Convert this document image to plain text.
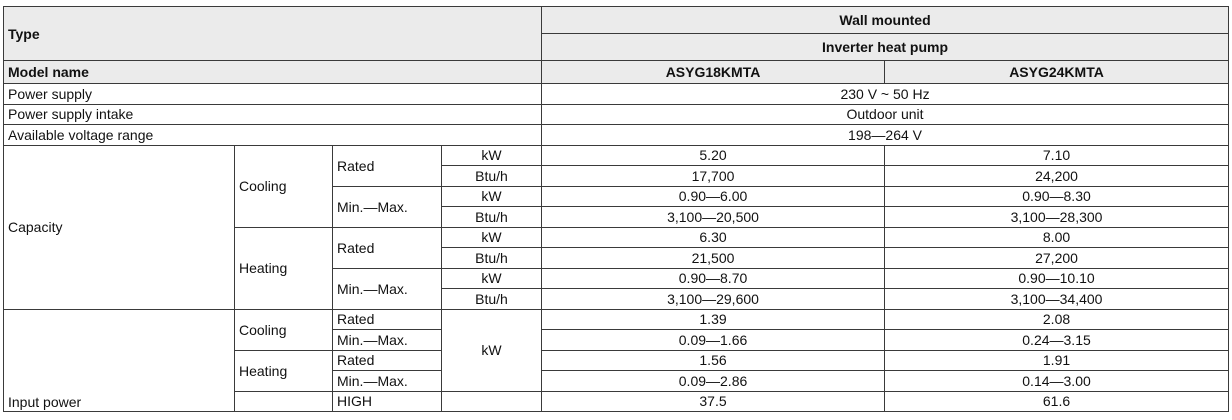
Type				Wall mounted	
				Inverter heat pump	
Model name				ASYG18KMTA	ASYG24KMTA
Power supply				230 V ~ 50 Hz	
Power supply intake				Outdoor unit	
Available voltage range				198—264 V	
Capacity	Cooling	Rated	kW	5.20	7.10
			Btu/h	17,700	24,200
		Min.—Max.	kW	0.90—6.00	0.90—8.30
			Btu/h	3,100—20,500	3,100—28,300
	Heating	Rated	kW	6.30	8.00
			Btu/h	21,500	27,200
		Min.—Max.	kW	0.90—8.70	0.90—10.10
			Btu/h	3,100—29,600	3,100—34,400
Input power	Cooling	Rated	kW	1.39	2.08
		Min.—Max.		0.09—1.66	0.24—3.15
	Heating	Rated		1.56	1.91
		Min.—Max.		0.09—2.86	0.14—3.00
		HIGH		37.5	61.6
